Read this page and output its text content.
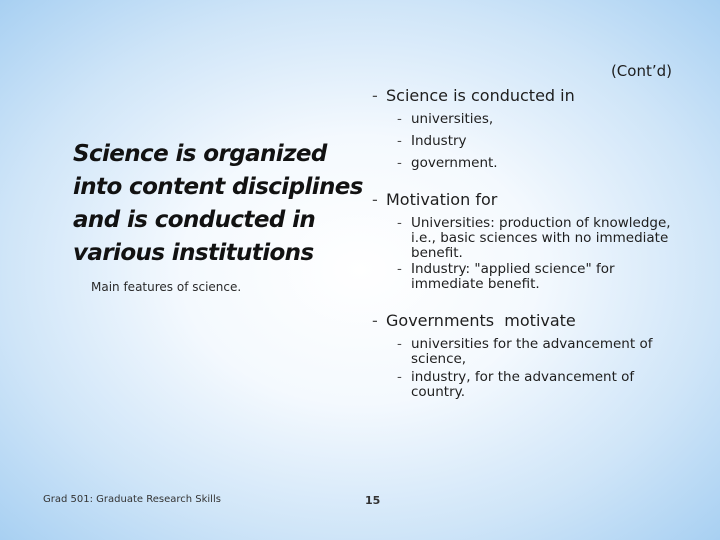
Science is organized into content disciplines and is conducted in various institutions

Main features of science.

(Cont’d)
- Science is conducted in
- universities,
- Industry
- government.
- Motivation for
- Universities: production of knowledge, i.e., basic sciences with no immediate benefit.
- Industry: "applied science" for immediate benefit.
- Governments  motivate
- universities for the advancement of science,
- industry, for the advancement of country.
Grad 501: Graduate Research Skills	15
